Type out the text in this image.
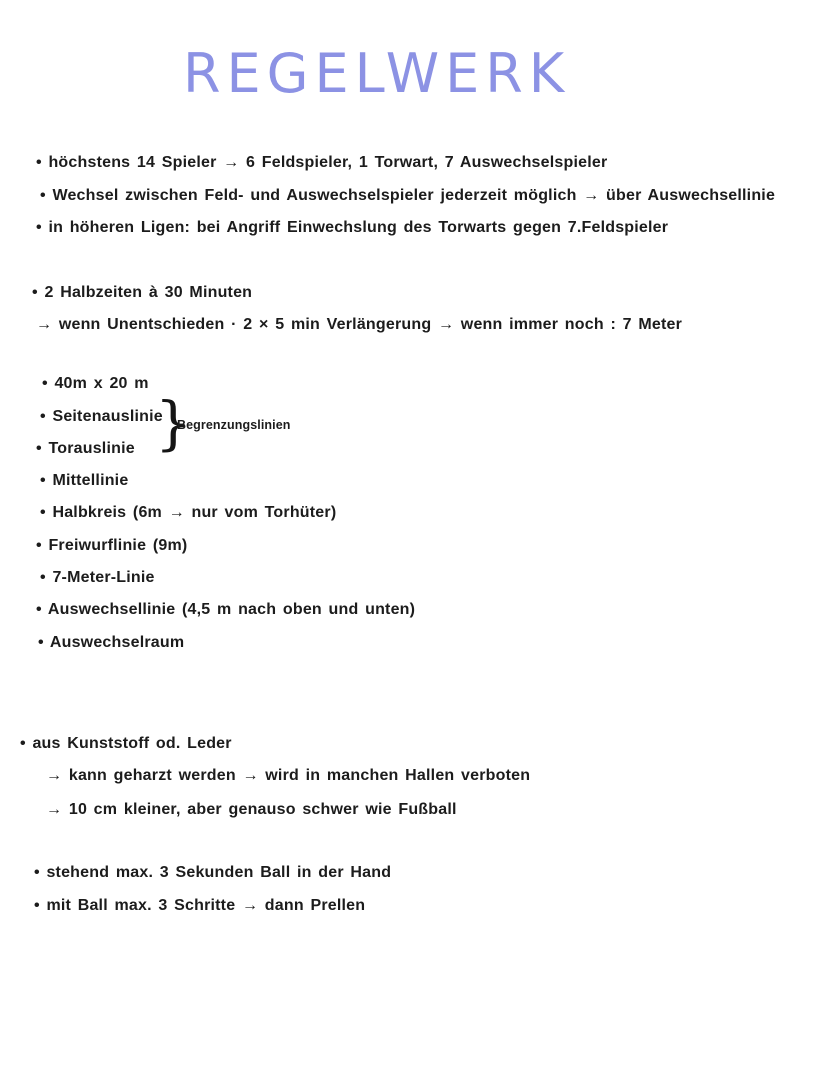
REGELWERK
• höchstens 14 Spieler → 6 Feldspieler, 1 Torwart, 7 Auswechselspieler
• Wechsel zwischen Feld- und Auswechselspieler jederzeit möglich → über Auswechsellinie
• in höheren Ligen: bei Angriff Einwechslung des Torwarts gegen 7.Feldspieler
• 2 Halbzeiten à 30 Minuten
→ wenn Unentschieden · 2 × 5 min Verlängerung → wenn immer noch : 7 Meter
• 40m x 20 m
• Seitenauslinie
• Torauslinie }
Begrenzungslinien
• Mittellinie
• Halbkreis (6m → nur vom Torhüter)
• Freiwurflinie (9m)
• 7-Meter-Linie
• Auswechsellinie (4,5 m nach oben und unten)
• Auswechselraum
• aus Kunststoff od. Leder
→ kann geharzt werden → wird in manchen Hallen verboten
→ 10 cm kleiner, aber genauso schwer wie Fußball
• stehend max. 3 Sekunden Ball in der Hand
• mit Ball max. 3 Schritte → dann Prellen
